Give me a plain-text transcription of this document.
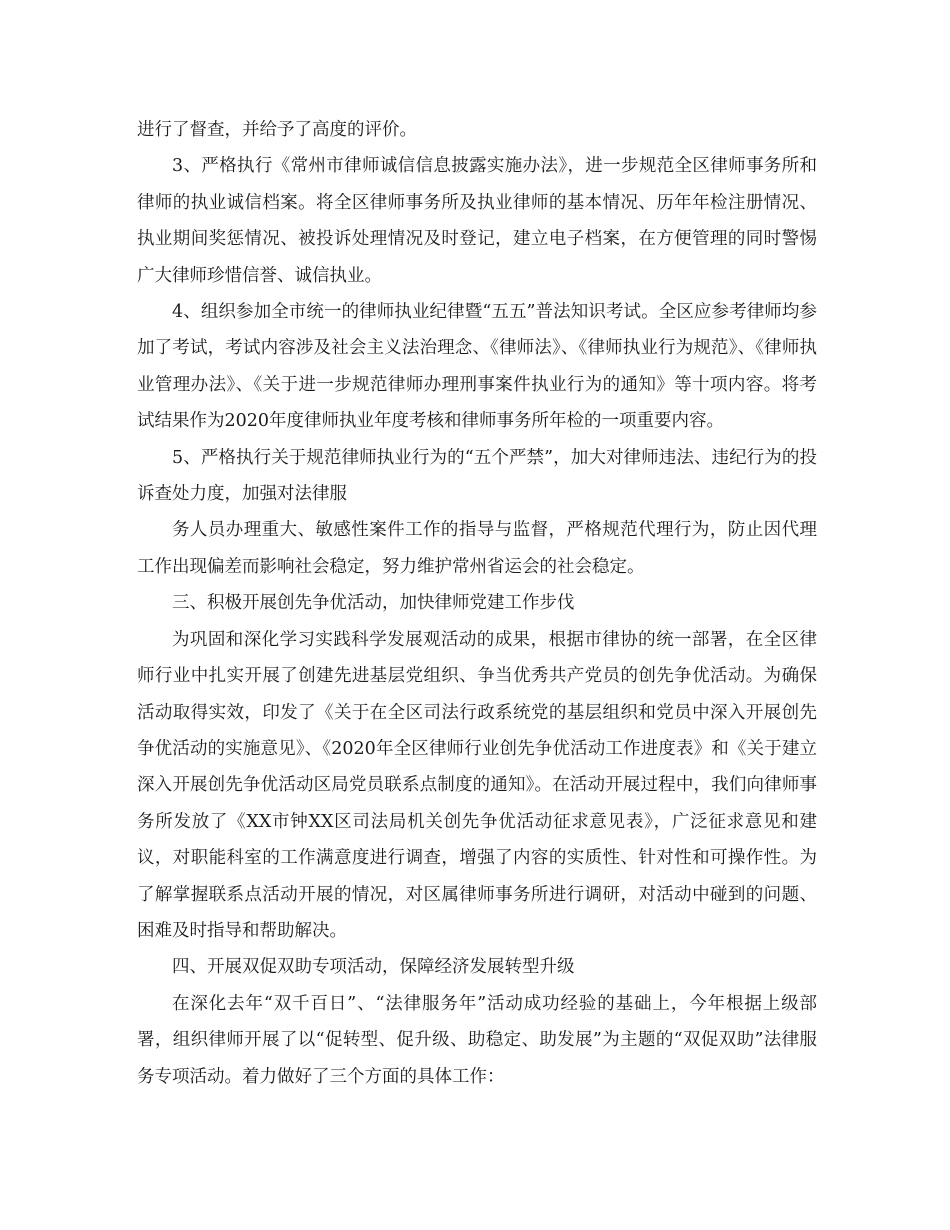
进行了督查，并给予了高度的评价。

3、严格执行《常州市律师诚信信息披露实施办法》，进一步规范全区律师事务所和律师的执业诚信档案。将全区律师事务所及执业律师的基本情况、历年年检注册情况、执业期间奖惩情况、被投诉处理情况及时登记，建立电子档案，在方便管理的同时警惕广大律师珍惜信誉、诚信执业。

4、组织参加全市统一的律师执业纪律暨“五五”普法知识考试。全区应参考律师均参加了考试，考试内容涉及社会主义法治理念、《律师法》、《律师执业行为规范》、《律师执业管理办法》、《关于进一步规范律师办理刑事案件执业行为的通知》等十项内容。将考试结果作为2020年度律师执业年度考核和律师事务所年检的一项重要内容。

5、严格执行关于规范律师执业行为的“五个严禁”，加大对律师违法、违纪行为的投诉查处力度，加强对法律服

务人员办理重大、敏感性案件工作的指导与监督，严格规范代理行为，防止因代理工作出现偏差而影响社会稳定，努力维护常州省运会的社会稳定。

三、积极开展创先争优活动，加快律师党建工作步伐

为巩固和深化学习实践科学发展观活动的成果，根据市律协的统一部署，在全区律师行业中扎实开展了创建先进基层党组织、争当优秀共产党员的创先争优活动。为确保活动取得实效，印发了《关于在全区司法行政系统党的基层组织和党员中深入开展创先争优活动的实施意见》、《2020年全区律师行业创先争优活动工作进度表》和《关于建立深入开展创先争优活动区局党员联系点制度的通知》。在活动开展过程中，我们向律师事务所发放了《XX市钟XX区司法局机关创先争优活动征求意见表》，广泛征求意见和建议，对职能科室的工作满意度进行调查，增强了内容的实质性、针对性和可操作性。为了解掌握联系点活动开展的情况，对区属律师事务所进行调研，对活动中碰到的问题、困难及时指导和帮助解决。

四、开展双促双助专项活动，保障经济发展转型升级

在深化去年“双千百日”、“法律服务年”活动成功经验的基础上，今年根据上级部署，组织律师开展了以“促转型、促升级、助稳定、助发展”为主题的“双促双助”法律服务专项活动。着力做好了三个方面的具体工作：
